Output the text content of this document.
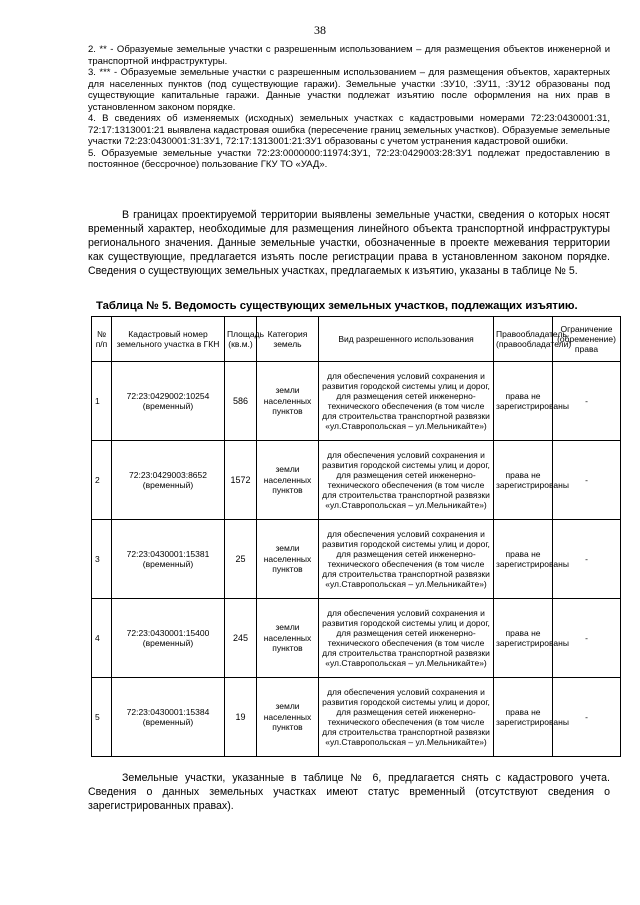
38

2. ** - Образуемые земельные участки с разрешенным использованием – для размещения объектов инженерной и транспортной инфраструктуры.

3. *** - Образуемые земельные участки с разрешенным использованием – для размещения объектов, характерных для населенных пунктов (под существующие гаражи). Земельные участки :ЗУ10, :ЗУ11, :ЗУ12 образованы под существующие капитальные гаражи. Данные участки подлежат изъятию после оформления на них прав в установленном законом порядке.

4. В сведениях об изменяемых (исходных) земельных участках с кадастровыми номерами 72:23:0430001:31, 72:17:1313001:21 выявлена кадастровая ошибка (пересечение границ земельных участков). Образуемые земельные участки 72:23:0430001:31:ЗУ1, 72:17:1313001:21:ЗУ1 образованы с учетом устранения кадастровой ошибки.

5. Образуемые земельные участки 72:23:0000000:11974:ЗУ1, 72:23:0429003:28:ЗУ1 подлежат предоставлению в постоянное (бессрочное) пользование ГКУ ТО «УАД».

В границах проектируемой территории выявлены земельные участки, сведения о которых носят временный характер, необходимые для размещения линейного объекта транспортной инфраструктуры регионального значения. Данные земельные участки, обозначенные в проекте межевания территории как существующие, предлагается изъять после регистрации права в установленном законом порядке. Сведения о существующих земельных участках, предлагаемых к изъятию, указаны в таблице № 5.

Таблица № 5. Ведомость существующих земельных участков, подлежащих изъятию.
№ п/п	Кадастровый номер земельного участка в ГКН	Площадь (кв.м.)	Категория земель	Вид разрешенного использования	Правообладатель (правообладатели)	Ограничение (обременение) права
1	72:23:0429002:10254 (временный)	586	земли населенных пунктов	для обеспечения условий сохранения и развития городской системы улиц и дорог, для размещения сетей инженерно-технического обеспечения (в том числе для строительства транспортной развязки «ул.Ставропольская – ул.Мельникайте»)	права не зарегистрированы	-
2	72:23:0429003:8652 (временный)	1572	земли населенных пунктов	для обеспечения условий сохранения и развития городской системы улиц и дорог, для размещения сетей инженерно-технического обеспечения (в том числе для строительства транспортной развязки «ул.Ставропольская – ул.Мельникайте»)	права не зарегистрированы	-
3	72:23:0430001:15381 (временный)	25	земли населенных пунктов	для обеспечения условий сохранения и развития городской системы улиц и дорог, для размещения сетей инженерно-технического обеспечения (в том числе для строительства транспортной развязки «ул.Ставропольская – ул.Мельникайте»)	права не зарегистрированы	-
4	72:23:0430001:15400 (временный)	245	земли населенных пунктов	для обеспечения условий сохранения и развития городской системы улиц и дорог, для размещения сетей инженерно-технического обеспечения (в том числе для строительства транспортной развязки «ул.Ставропольская – ул.Мельникайте»)	права не зарегистрированы	-
5	72:23:0430001:15384 (временный)	19	земли населенных пунктов	для обеспечения условий сохранения и развития городской системы улиц и дорог, для размещения сетей инженерно-технического обеспечения (в том числе для строительства транспортной развязки «ул.Ставропольская – ул.Мельникайте»)	права не зарегистрированы	-

Земельные участки, указанные в таблице № 6, предлагается снять с кадастрового учета. Сведения о данных земельных участках имеют статус временный (отсутствуют сведения о зарегистрированных правах).
